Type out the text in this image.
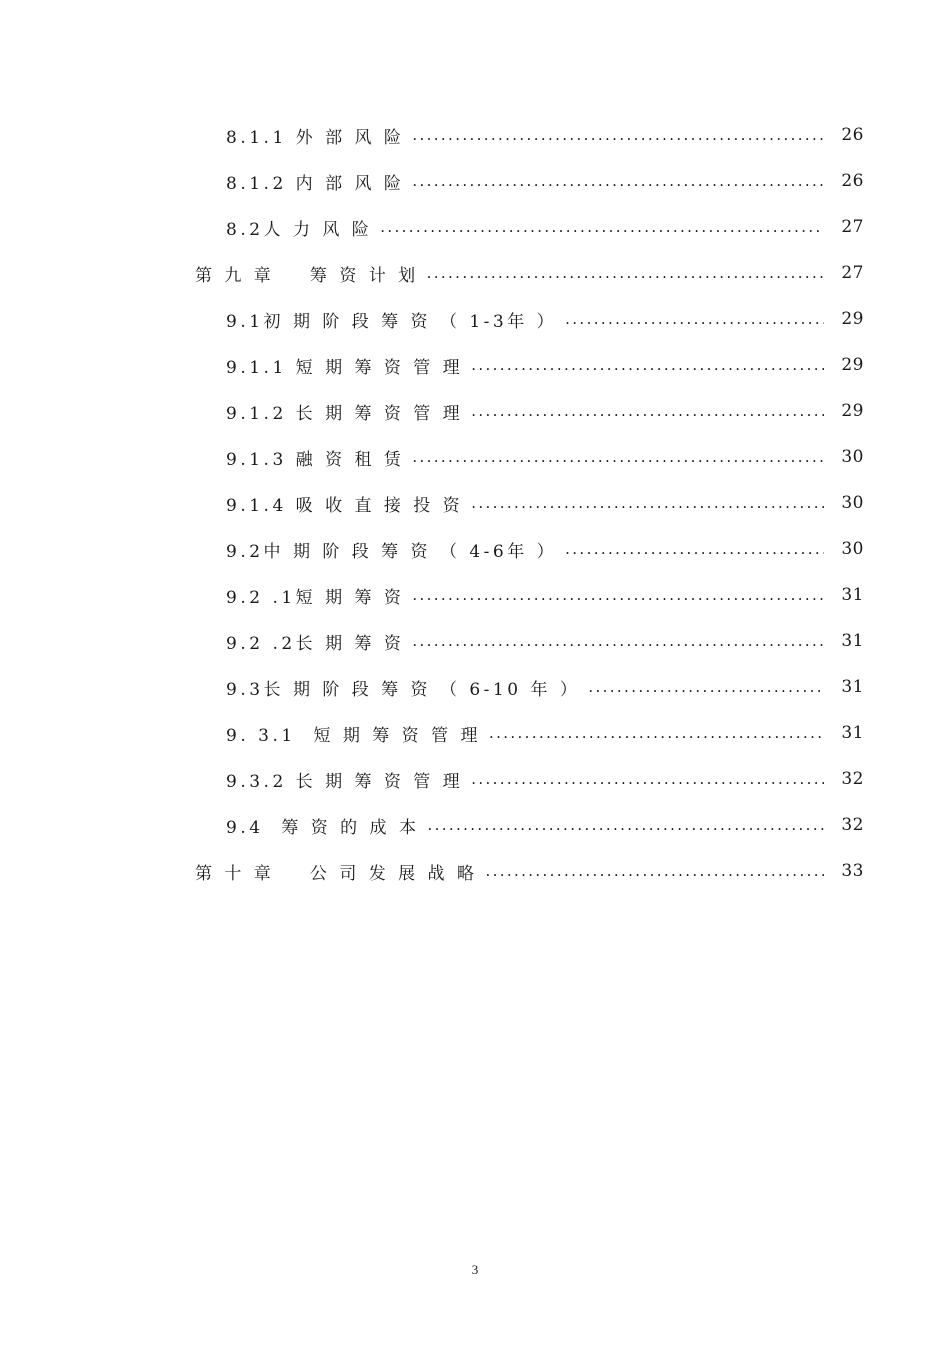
8.1.1 外 部 风 险 . . .	26
8.1.2 内 部 风 险 . . .	26
8.2人 力 风 险 . . .	27
第 九 章    筹 资 计 划 . . .	27
9.1初 期 阶 段 筹 资 （ 1-3年 ） . . .	29
9.1.1 短 期 筹 资 管 理 . . .	29
9.1.2 长 期 筹 资 管 理 . . .	29
9.1.3 融 资 租 赁 . . .	30
9.1.4 吸 收 直 接 投 资 . . .	30
9.2中 期 阶 段 筹 资 （ 4-6年 ） . . .	30
9.2 .1短 期 筹 资 . . .	31
9.2 .2长 期 筹 资 . . .	31
9.3长 期 阶 段 筹 资 （ 6-10 年 ） . . .	31
9. 3.1  短 期 筹 资 管 理 . . .	31
9.3.2 长 期 筹 资 管 理 . . .	32
9.4  筹 资 的 成 本 . . .	32
第 十 章    公 司 发 展 战 略 . . .	33
3
